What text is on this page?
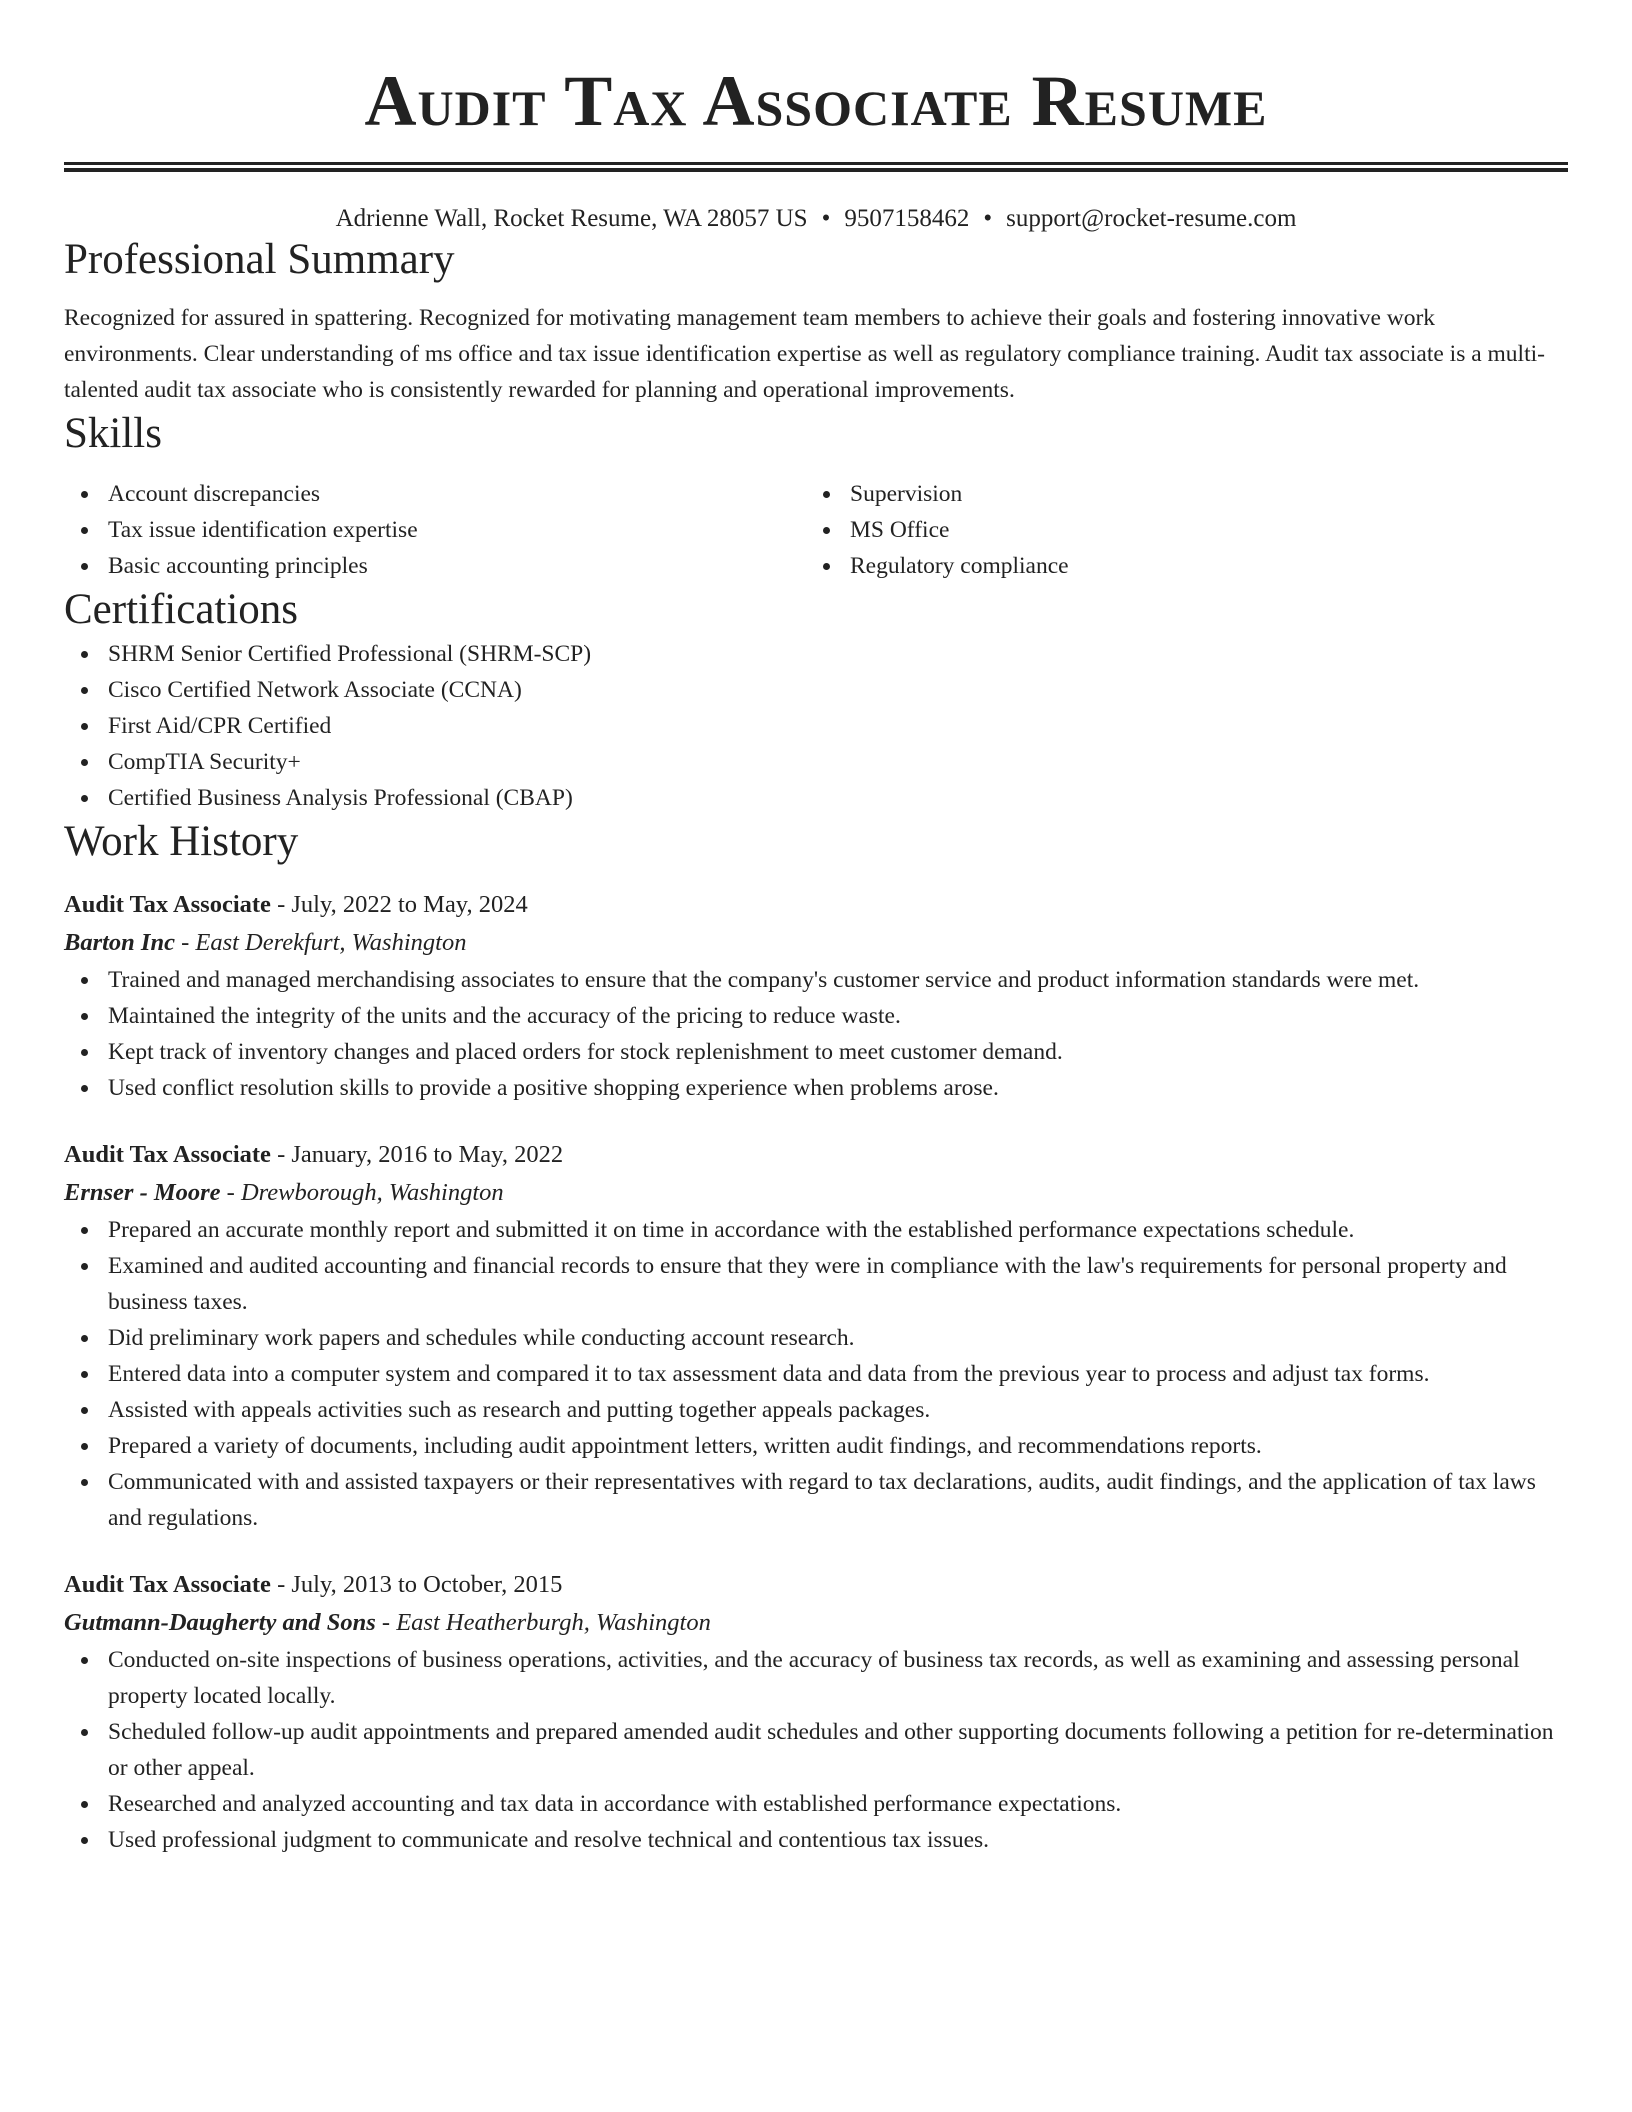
Audit Tax Associate Resume
Adrienne Wall, Rocket Resume, WA 28057 US • 9507158462 • support@rocket-resume.com
Professional Summary

Recognized for assured in spattering. Recognized for motivating management team members to achieve their goals and fostering innovative work environments. Clear understanding of ms office and tax issue identification expertise as well as regulatory compliance training. Audit tax associate is a multi-talented audit tax associate who is consistently rewarded for planning and operational improvements.

Skills
Account discrepancies
Tax issue identification expertise
Basic accounting principles
Supervision
MS Office
Regulatory compliance
Certifications
SHRM Senior Certified Professional (SHRM-SCP)
Cisco Certified Network Associate (CCNA)
First Aid/CPR Certified
CompTIA Security+
Certified Business Analysis Professional (CBAP)
Work History
Audit Tax Associate - July, 2022 to May, 2024
Barton Inc - East Derekfurt, Washington
Trained and managed merchandising associates to ensure that the company's customer service and product information standards were met.
Maintained the integrity of the units and the accuracy of the pricing to reduce waste.
Kept track of inventory changes and placed orders for stock replenishment to meet customer demand.
Used conflict resolution skills to provide a positive shopping experience when problems arose.
Audit Tax Associate - January, 2016 to May, 2022
Ernser - Moore - Drewborough, Washington
Prepared an accurate monthly report and submitted it on time in accordance with the established performance expectations schedule.
Examined and audited accounting and financial records to ensure that they were in compliance with the law's requirements for personal property and business taxes.
Did preliminary work papers and schedules while conducting account research.
Entered data into a computer system and compared it to tax assessment data and data from the previous year to process and adjust tax forms.
Assisted with appeals activities such as research and putting together appeals packages.
Prepared a variety of documents, including audit appointment letters, written audit findings, and recommendations reports.
Communicated with and assisted taxpayers or their representatives with regard to tax declarations, audits, audit findings, and the application of tax laws and regulations.
Audit Tax Associate - July, 2013 to October, 2015
Gutmann-Daugherty and Sons - East Heatherburgh, Washington
Conducted on-site inspections of business operations, activities, and the accuracy of business tax records, as well as examining and assessing personal property located locally.
Scheduled follow-up audit appointments and prepared amended audit schedules and other supporting documents following a petition for re-determination or other appeal.
Researched and analyzed accounting and tax data in accordance with established performance expectations.
Used professional judgment to communicate and resolve technical and contentious tax issues.
